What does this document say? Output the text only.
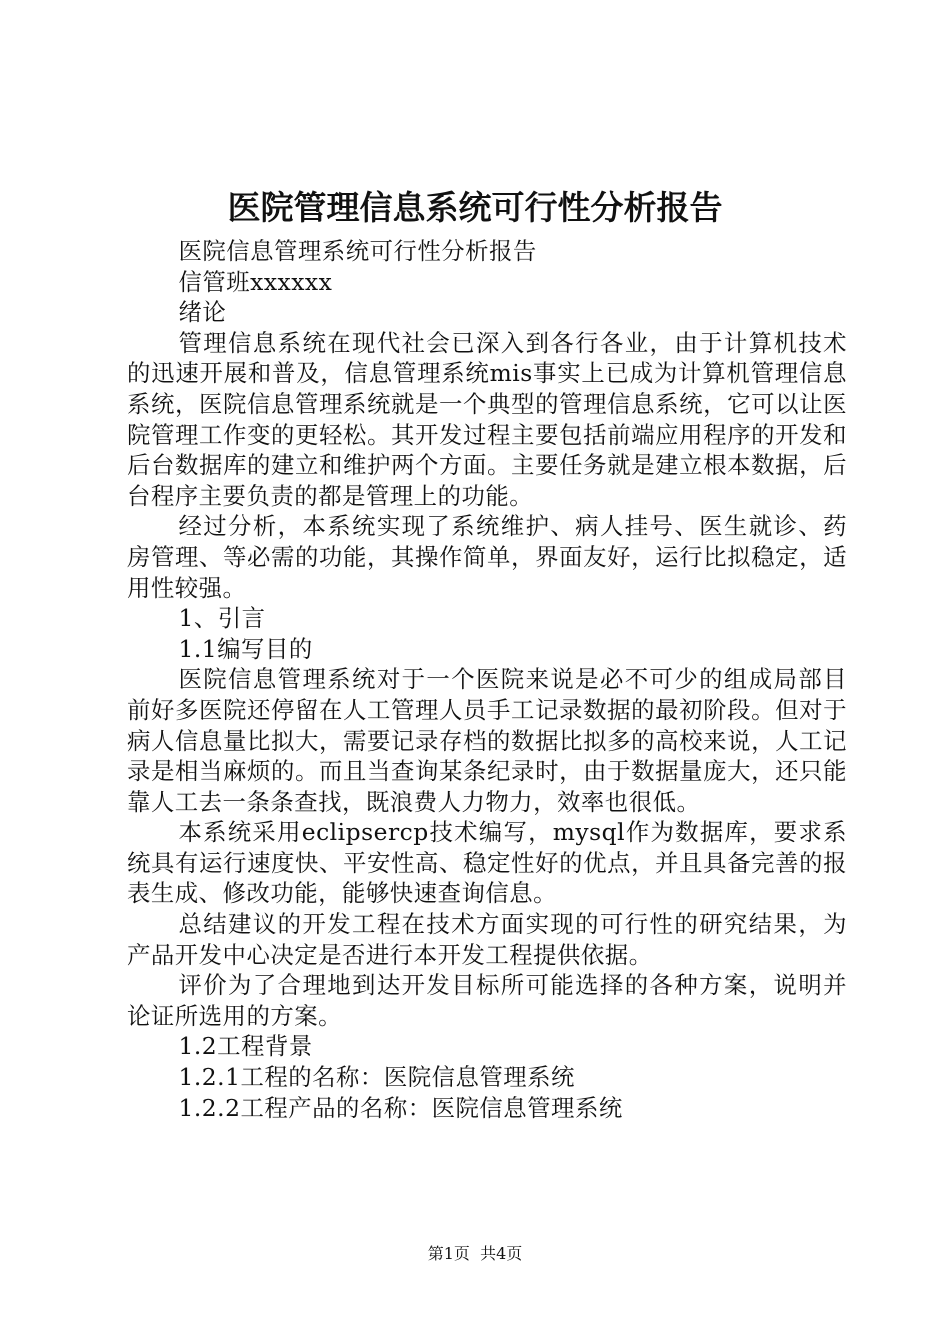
医院管理信息系统可行性分析报告

医院信息管理系统可行性分析报告

信管班xxxxxx

绪论

管理信息系统在现代社会已深入到各行各业，由于计算机技术的迅速开展和普及，信息管理系统mis事实上已成为计算机管理信息系统，医院信息管理系统就是一个典型的管理信息系统，它可以让医院管理工作变的更轻松。其开发过程主要包括前端应用程序的开发和后台数据库的建立和维护两个方面。主要任务就是建立根本数据，后台程序主要负责的都是管理上的功能。

经过分析，本系统实现了系统维护、病人挂号、医生就诊、药房管理、等必需的功能，其操作简单，界面友好，运行比拟稳定，适用性较强。

1、引言

1.1编写目的

医院信息管理系统对于一个医院来说是必不可少的组成局部目前好多医院还停留在人工管理人员手工记录数据的最初阶段。但对于病人信息量比拟大，需要记录存档的数据比拟多的高校来说，人工记录是相当麻烦的。而且当查询某条纪录时，由于数据量庞大，还只能靠人工去一条条查找，既浪费人力物力，效率也很低。

本系统采用eclipsercp技术编写，mysql作为数据库，要求系统具有运行速度快、平安性高、稳定性好的优点，并且具备完善的报表生成、修改功能，能够快速查询信息。

总结建议的开发工程在技术方面实现的可行性的研究结果，为产品开发中心决定是否进行本开发工程提供依据。

评价为了合理地到达开发目标所可能选择的各种方案，说明并论证所选用的方案。

1.2工程背景

1.2.1工程的名称：医院信息管理系统

1.2.2工程产品的名称：医院信息管理系统

第1页 共4页
